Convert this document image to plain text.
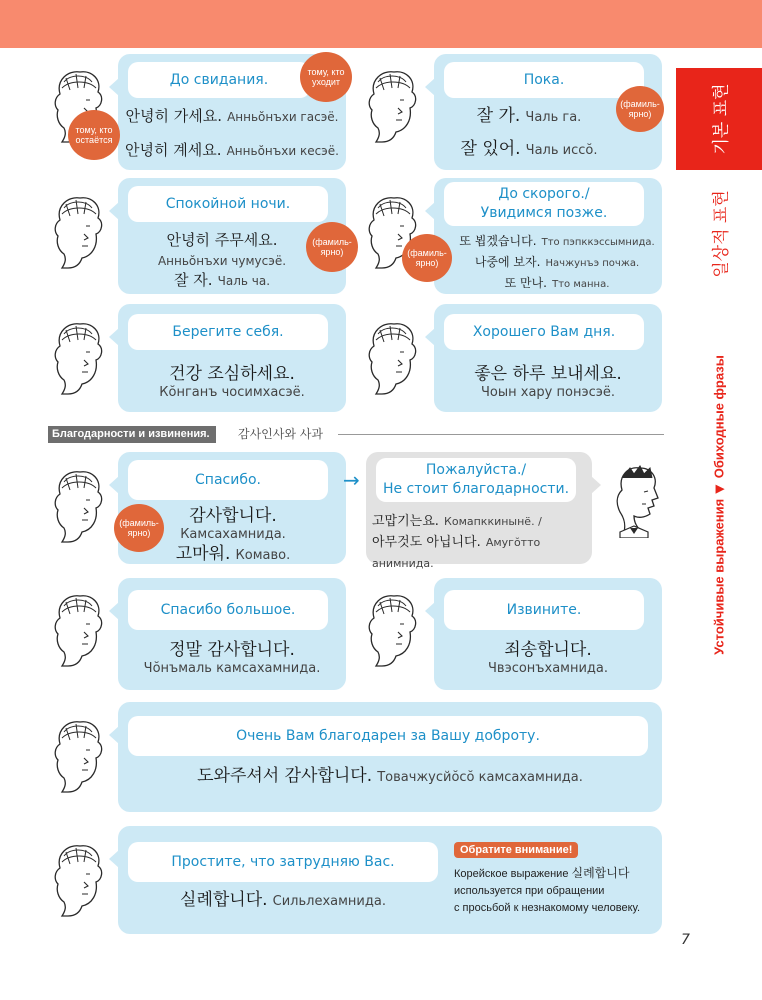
기본 표현
일상적 표현
Устойчивые выражения▶Обиходные фразы
До свидания.
안녕히 가세요. Анньŏнъхи гасэё.
안녕히 계세요. Анньŏнъхи кесэё.
тому, кто уходит
тому, кто остаётся
Пока.
잘 가. Чаль га.
잘 있어. Чаль иссŏ.
(фамиль-ярно)
Спокойной ночи.
안녕히 주무세요.
Анньŏнъхи чумусэё.
잘 자. Чаль ча.
(фамиль-ярно)
До скорого./
Увидимся позже.
또 뵙겠습니다. Тто пэпккэссымнида.
나중에 보자. Начжунъэ почжа.
또 만나. Тто манна.
(фамиль-ярно)
Берегите себя.
건강 조심하세요.
Кŏнганъ чосимхасэё.
Хорошего Вам дня.
좋은 하루 보내세요.
Чоын хару понэсэё.
Благодарности и извинения.	감사인사와 사과
Спасибо.
감사합니다.
Камсахамнида.
고마워. Комаво.
(фамиль-ярно)
→	Пожалуйста./
Не стоит благодарности.
고맙기는요. Комапккинынё. /
아무것도 아닙니다. Амугŏтто
анимнида.
Спасибо большое.
정말 감사합니다.
Чŏнъмаль камсахамнида.
Извините.
죄송합니다.
Чвэсонъхамнида.
Очень Вам благодарен за Вашу доброту.
도와주셔서 감사합니다. Товачжусйŏсŏ камсахамнида.
Простите, что затрудняю Вас.
실례합니다. Сильлехамнида.
Обратите внимание!
Корейское выражение 실례합니다
используется при обращении
с просьбой к незнакомому человеку.
7
